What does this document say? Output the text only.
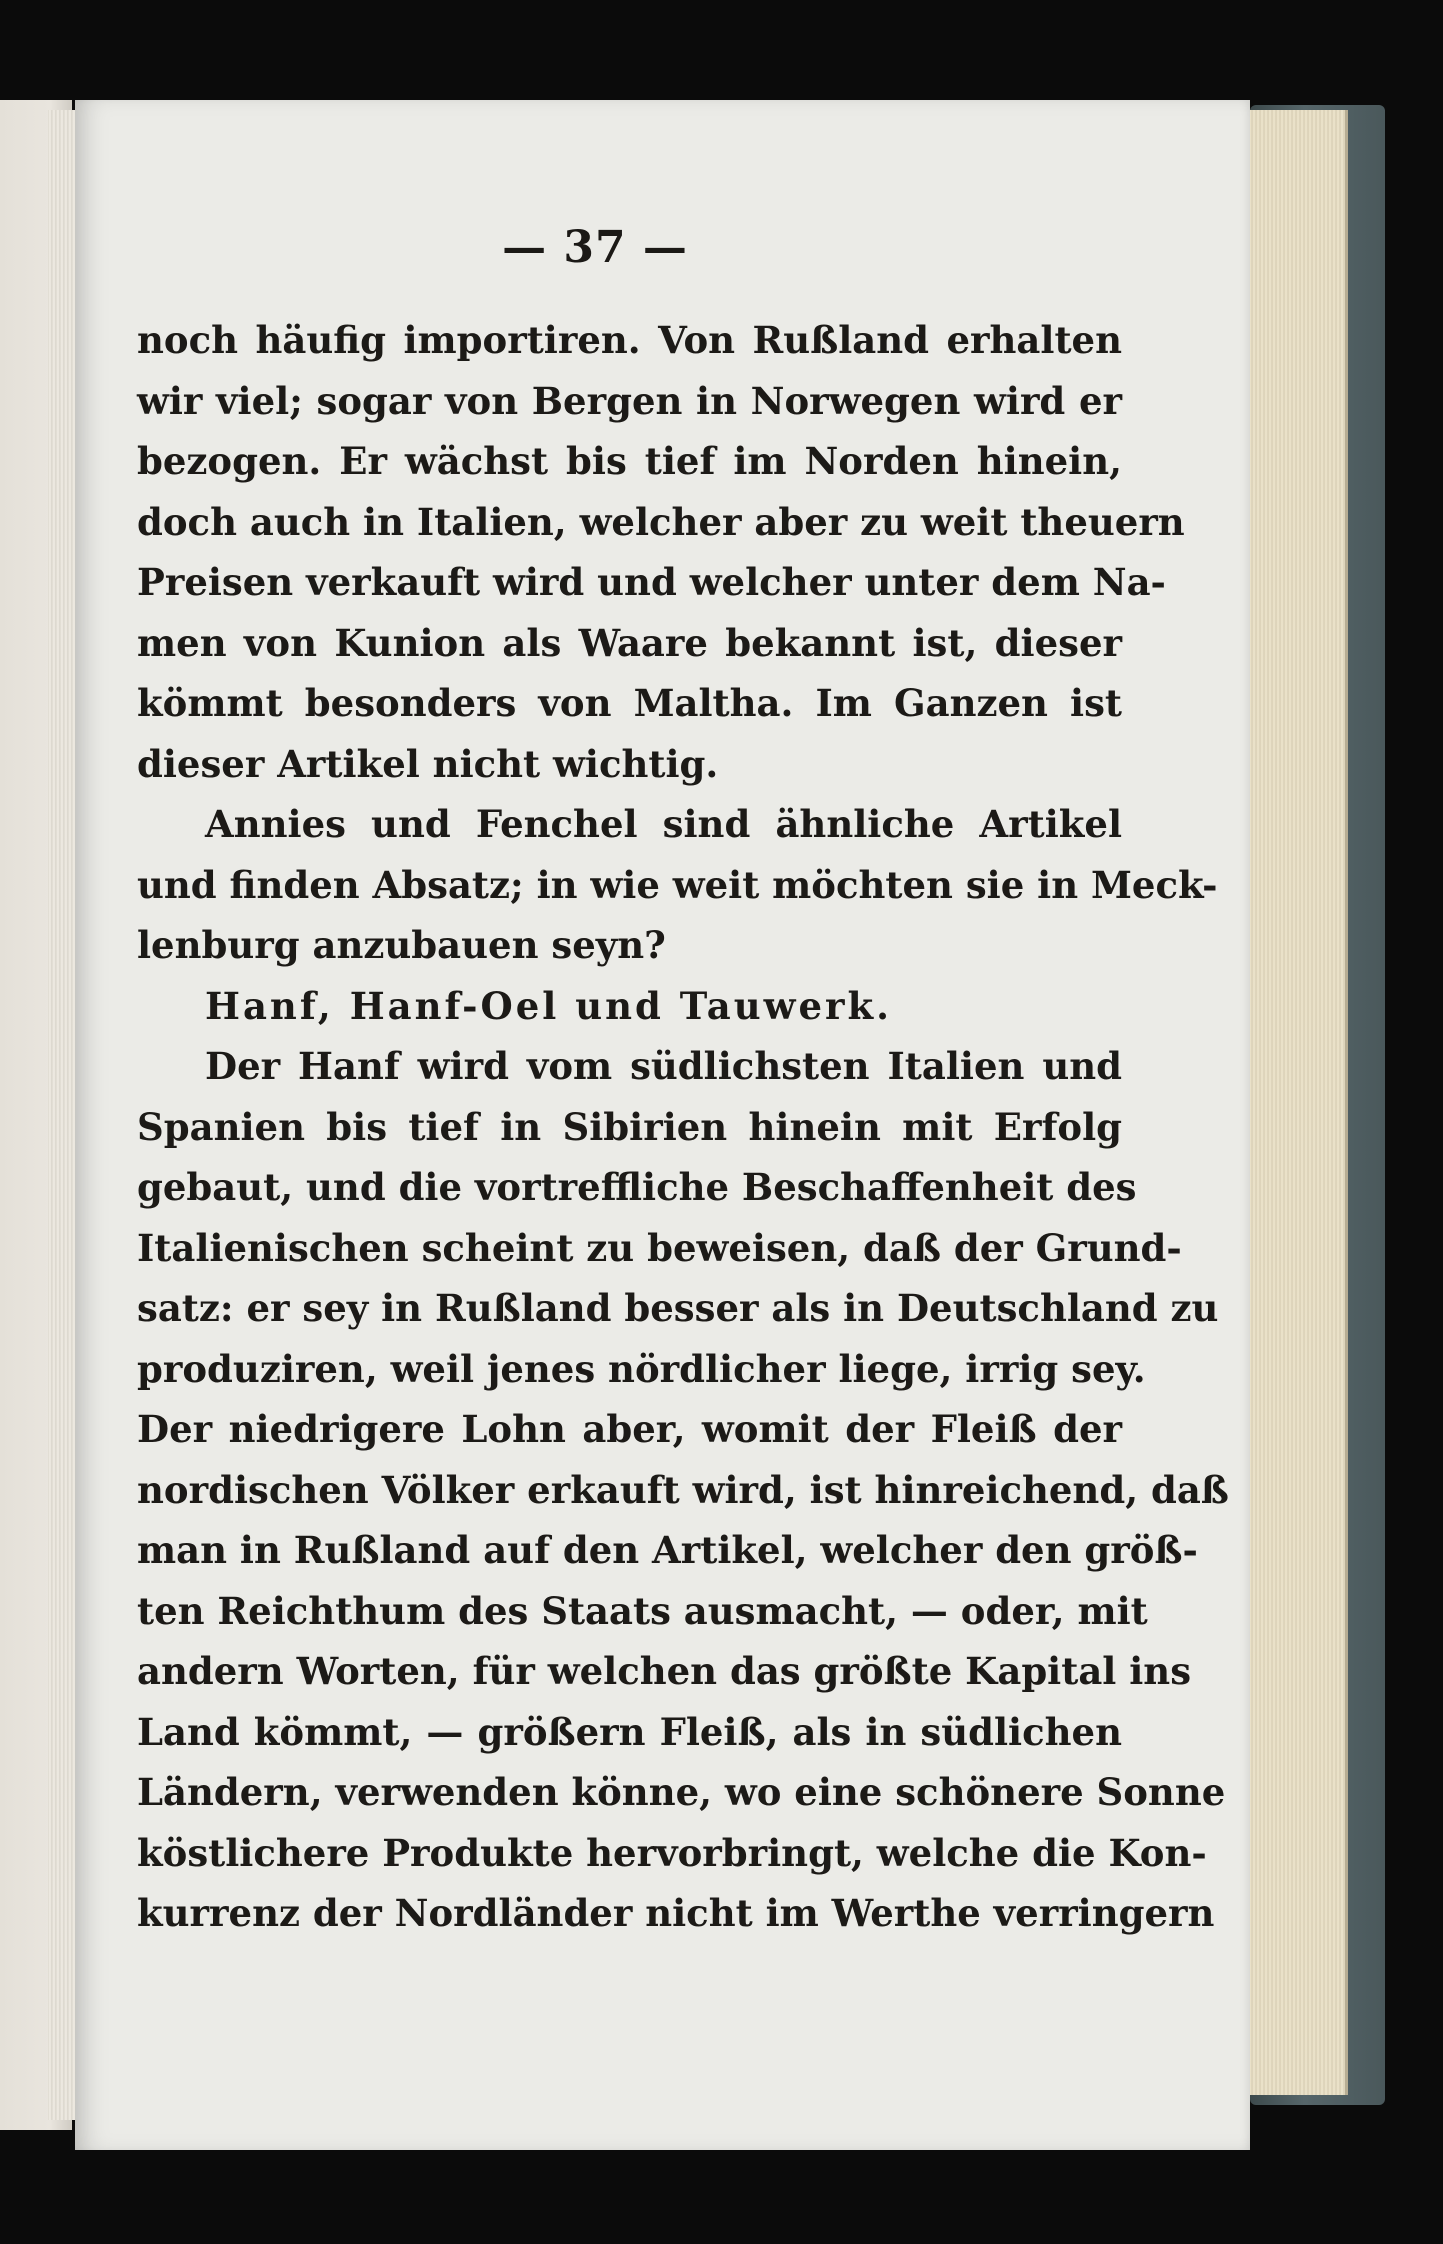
— 37 —
noch häufig importiren. Von Rußland erhalten
wir viel; sogar von Bergen in Norwegen wird er
bezogen. Er wächst bis tief im Norden hinein,
doch auch in Italien, welcher aber zu weit theuern
Preisen verkauft wird und welcher unter dem Na-
men von Kunion als Waare bekannt ist, dieser
kömmt besonders von Maltha. Im Ganzen ist
dieser Artikel nicht wichtig.
Annies und Fenchel sind ähnliche Artikel
und finden Absatz; in wie weit möchten sie in Meck-
lenburg anzubauen seyn?
Hanf, Hanf-Oel und Tauwerk.
Der Hanf wird vom südlichsten Italien und
Spanien bis tief in Sibirien hinein mit Erfolg
gebaut, und die vortreffliche Beschaffenheit des
Italienischen scheint zu beweisen, daß der Grund-
satz: er sey in Rußland besser als in Deutschland zu
produziren, weil jenes nördlicher liege, irrig sey.
Der niedrigere Lohn aber, womit der Fleiß der
nordischen Völker erkauft wird, ist hinreichend, daß
man in Rußland auf den Artikel, welcher den größ-
ten Reichthum des Staats ausmacht, — oder, mit
andern Worten, für welchen das größte Kapital ins
Land kömmt, — größern Fleiß, als in südlichen
Ländern, verwenden könne, wo eine schönere Sonne
köstlichere Produkte hervorbringt, welche die Kon-
kurrenz der Nordländer nicht im Werthe verringern
